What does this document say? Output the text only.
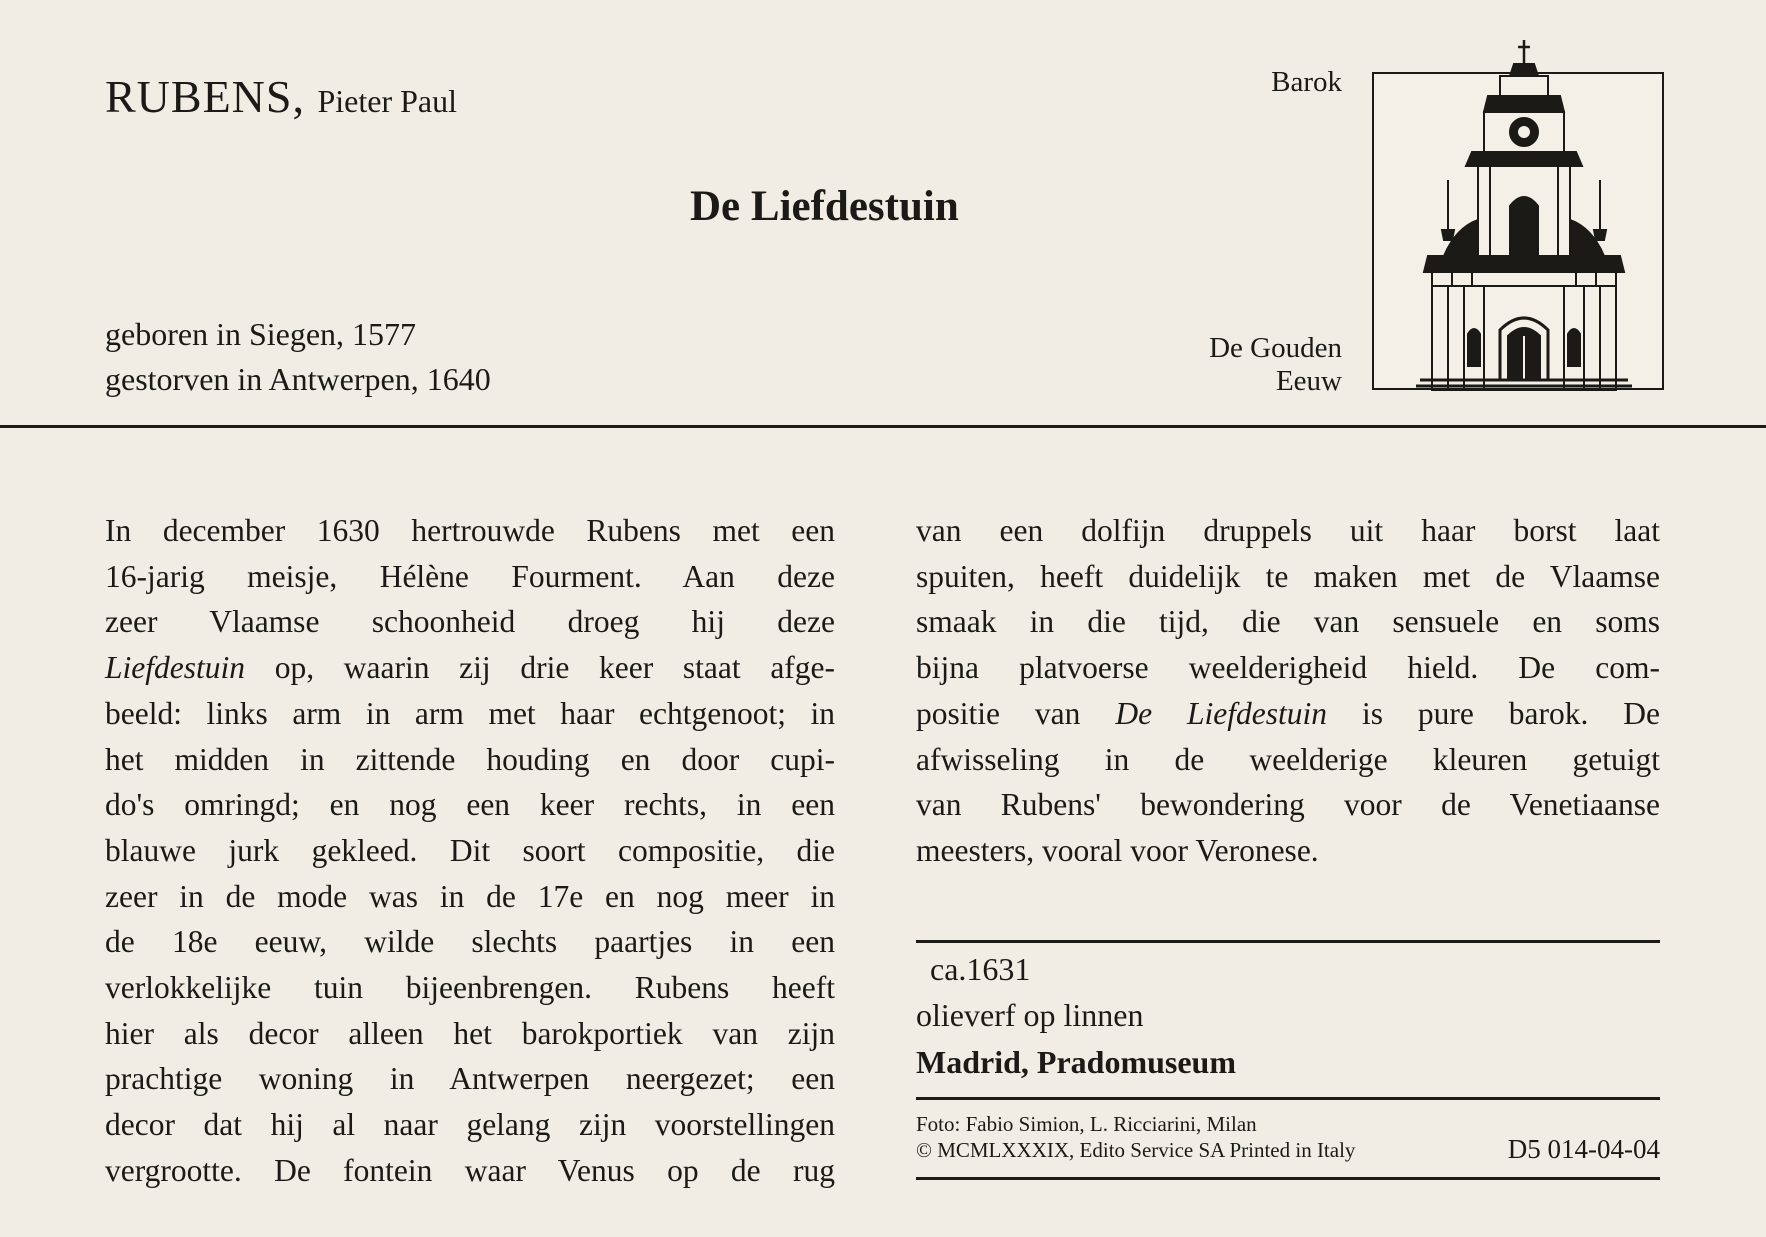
RUBENS, Pieter Paul
De Liefdestuin
geboren in Siegen, 1577
gestorven in Antwerpen, 1640
Barok
De Gouden
Eeuw

In december 1630 hertrouwde Rubens met een

16-jarig meisje, Hélène Fourment. Aan deze

zeer Vlaamse schoonheid droeg hij deze

Liefdestuin op, waarin zij drie keer staat afge-

beeld: links arm in arm met haar echtgenoot; in

het midden in zittende houding en door cupi-

do's omringd; en nog een keer rechts, in een

blauwe jurk gekleed. Dit soort compositie, die

zeer in de mode was in de 17e en nog meer in

de 18e eeuw, wilde slechts paartjes in een

verlokkelijke tuin bijeenbrengen. Rubens heeft

hier als decor alleen het barokportiek van zijn

prachtige woning in Antwerpen neergezet; een

decor dat hij al naar gelang zijn voorstellingen

vergrootte. De fontein waar Venus op de rug

van een dolfijn druppels uit haar borst laat

spuiten, heeft duidelijk te maken met de Vlaamse

smaak in die tijd, die van sensuele en soms

bijna platvoerse weelderigheid hield. De com-

positie van De Liefdestuin is pure barok. De

afwisseling in de weelderige kleuren getuigt

van Rubens' bewondering voor de Venetiaanse

meesters, vooral voor Veronese.

ca.1631
olieverf op linnen
Madrid, Pradomuseum
Foto: Fabio Simion, L. Ricciarini, Milan
© MCMLXXXIX, Edito Service SA Printed in Italy	D5 014-04-04
